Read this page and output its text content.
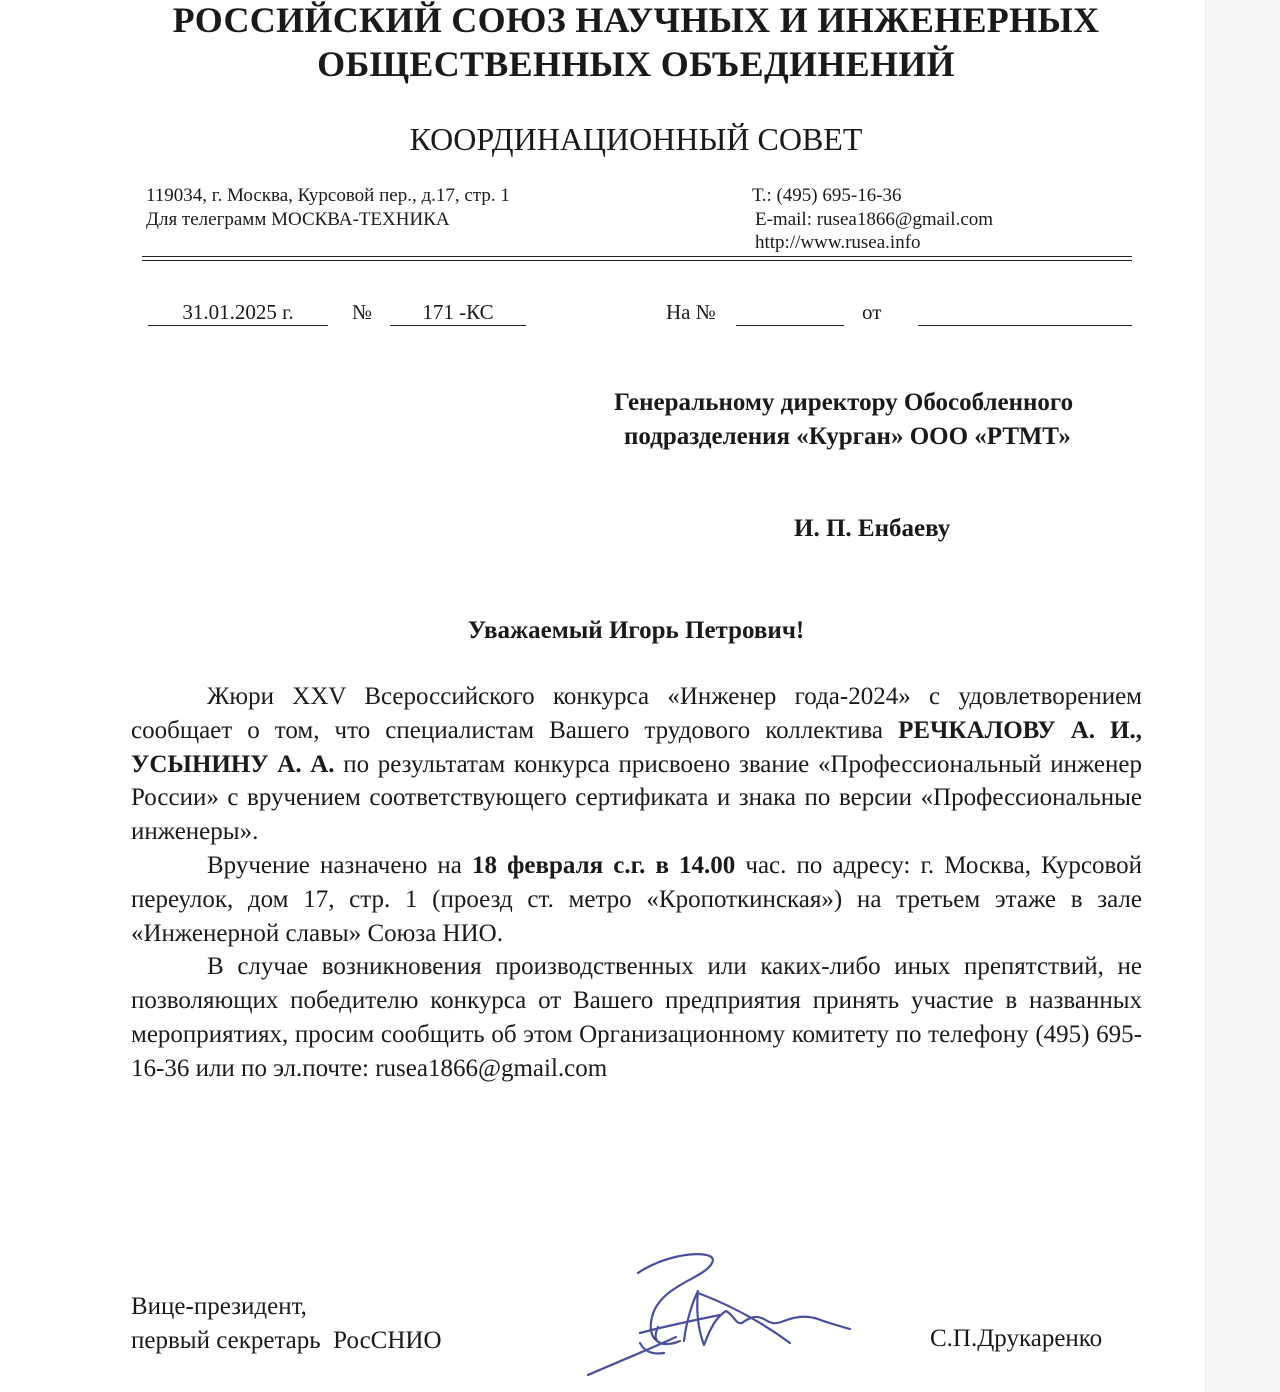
РОССИЙСКИЙ СОЮЗ НАУЧНЫХ И ИНЖЕНЕРНЫХ
ОБЩЕСТВЕННЫХ ОБЪЕДИНЕНИЙ
КООРДИНАЦИОННЫЙ СОВЕТ
119034, г. Москва, Курсовой пер., д.17, стр. 1
Для телеграмм МОСКВА-ТЕХНИКА
Т.: (495) 695-16-36
E-mail: rusea1866@gmail.com
http://www.rusea.info
31.01.2025 г.	№	171 -КС	На №	от
Генеральному директору Обособленного
подразделения «Курган» ООО «РТМТ»
И. П. Енбаеву
Уважаемый Игорь Петрович!

Жюри XXV Всероссийского конкурса «Инженер года-2024» с удовлетворением сообщает о том, что специалистам Вашего трудового коллектива РЕЧКАЛОВУ А. И., УСЫНИНУ А. А. по результатам конкурса присвоено звание «Профессиональный инженер России» с вручением соответствующего сертификата и знака по версии «Профессиональные инженеры».

Вручение назначено на 18 февраля с.г. в 14.00 час. по адресу: г. Москва, Курсовой переулок, дом 17, стр. 1 (проезд ст. метро «Кропоткинская») на третьем этаже в зале «Инженерной славы» Союза НИО.

В случае возникновения производственных или каких-либо иных препятствий, не позволяющих победителю конкурса от Вашего предприятия принять участие в названных мероприятиях, просим сообщить об этом Организационному комитету по телефону (495) 695-16-36 или по эл.почте: rusea1866@gmail.com

Вице-президент,
первый секретарь  РосСНИО	С.П.Друкаренко
